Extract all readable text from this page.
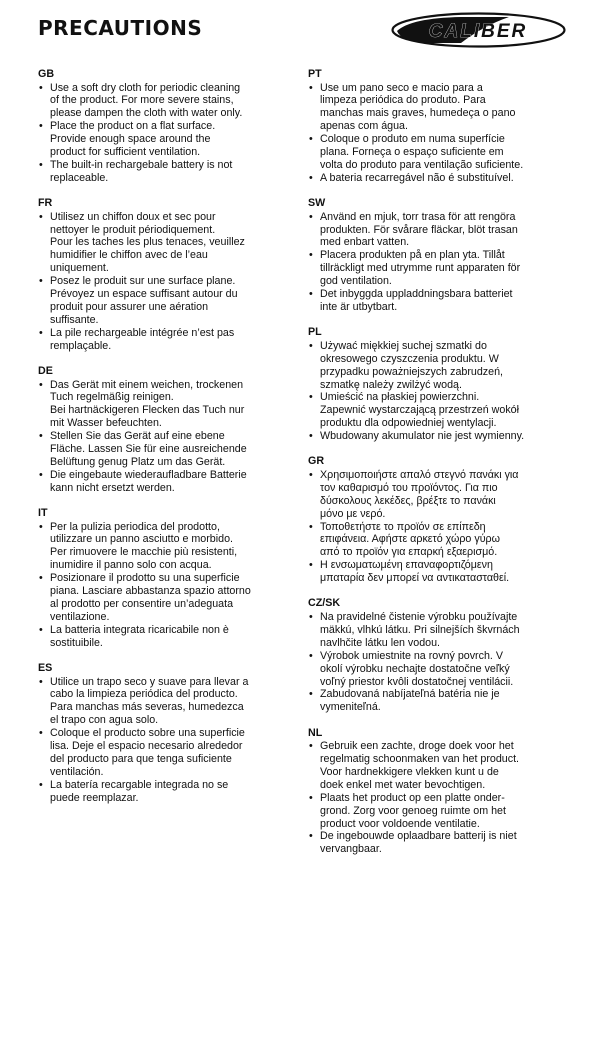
PRECAUTIONS	CALIBER
GB
• Use a soft dry cloth for periodic cleaning
of the product. For more severe stains,
please dampen the cloth with water only.
• Place the product on a flat surface.
Provide enough space around the
product for sufficient ventilation.
• The built-in rechargebale battery is not
replaceable.
FR
• Utilisez un chiffon doux et sec pour
nettoyer le produit périodiquement.
Pour les taches les plus tenaces, veuillez
humidifier le chiffon avec de l’eau
uniquement.
• Posez le produit sur une surface plane.
Prévoyez un espace suffisant autour du
produit pour assurer une aération
suffisante.
• La pile rechargeable intégrée n’est pas
remplaçable.
DE
• Das Gerät mit einem weichen, trockenen
Tuch regelmäßig reinigen.
Bei hartnäckigeren Flecken das Tuch nur
mit Wasser befeuchten.
• Stellen Sie das Gerät auf eine ebene
Fläche. Lassen Sie für eine ausreichende
Belüftung genug Platz um das Gerät.
• Die eingebaute wiederaufladbare Batterie
kann nicht ersetzt werden.
IT
• Per la pulizia periodica del prodotto,
utilizzare un panno asciutto e morbido.
Per rimuovere le macchie più resistenti,
inumidire il panno solo con acqua.
• Posizionare il prodotto su una superficie
piana. Lasciare abbastanza spazio attorno
al prodotto per consentire un’adeguata
ventilazione.
• La batteria integrata ricaricabile non è
sostituibile.
ES
• Utilice un trapo seco y suave para llevar a
cabo la limpieza periódica del producto.
Para manchas más severas, humedezca
el trapo con agua solo.
• Coloque el producto sobre una superficie
lisa. Deje el espacio necesario alrededor
del producto para que tenga suficiente
ventilación.
• La batería recargable integrada no se
puede reemplazar.
PT
• Use um pano seco e macio para a
limpeza periódica do produto. Para
manchas mais graves, humedeça o pano
apenas com água.
• Coloque o produto em numa superfície
plana. Forneça o espaço suficiente em
volta do produto para ventilação suficiente.
• A bateria recarregável não é substituível.
SW
• Använd en mjuk, torr trasa för att rengöra
produkten. För svårare fläckar, blöt trasan
med enbart vatten.
• Placera produkten på en plan yta. Tillåt
tillräckligt med utrymme runt apparaten för
god ventilation.
• Det inbyggda uppladdningsbara batteriet
inte är utbytbart.
PL
• Używać miękkiej suchej szmatki do
okresowego czyszczenia produktu. W
przypadku poważniejszych zabrudzeń,
szmatkę należy zwilżyć wodą.
• Umieścić na płaskiej powierzchni.
Zapewnić wystarczającą przestrzeń wokół
produktu dla odpowiedniej wentylacji.
• Wbudowany akumulator nie jest wymienny.
GR
• Χρησιμοποιήστε απαλό στεγνό πανάκι για
τον καθαρισμό του προϊόντος. Για πιο
δύσκολους λεκέδες, βρέξτε το πανάκι
μόνο με νερό.
• Τοποθετήστε το προϊόν σε επίπεδη
επιφάνεια. Αφήστε αρκετό χώρο γύρω
από το προϊόν για επαρκή εξαερισμό.
• Η ενσωματωμένη επαναφορτιζόμενη
μπαταρία δεν μπορεί να αντικατασταθεί.
CZ/SK
• Na pravidelné čistenie výrobku používajte
mäkkú, vlhkú látku. Pri silnejších škvrnách
navlhčite látku len vodou.
• Výrobok umiestnite na rovný povrch. V
okolí výrobku nechajte dostatočne veľký
voľný priestor kvôli dostatočnej ventilácii.
• Zabudovaná nabíjateľná batéria nie je
vymeniteľná.
NL
• Gebruik een zachte, droge doek voor het
regelmatig schoonmaken van het product.
Voor hardnekkigere vlekken kunt u de
doek enkel met water bevochtigen.
• Plaats het product op een platte onder-
grond. Zorg voor genoeg ruimte om het
product voor voldoende ventilatie.
• De ingebouwde oplaadbare batterij is niet
vervangbaar.
